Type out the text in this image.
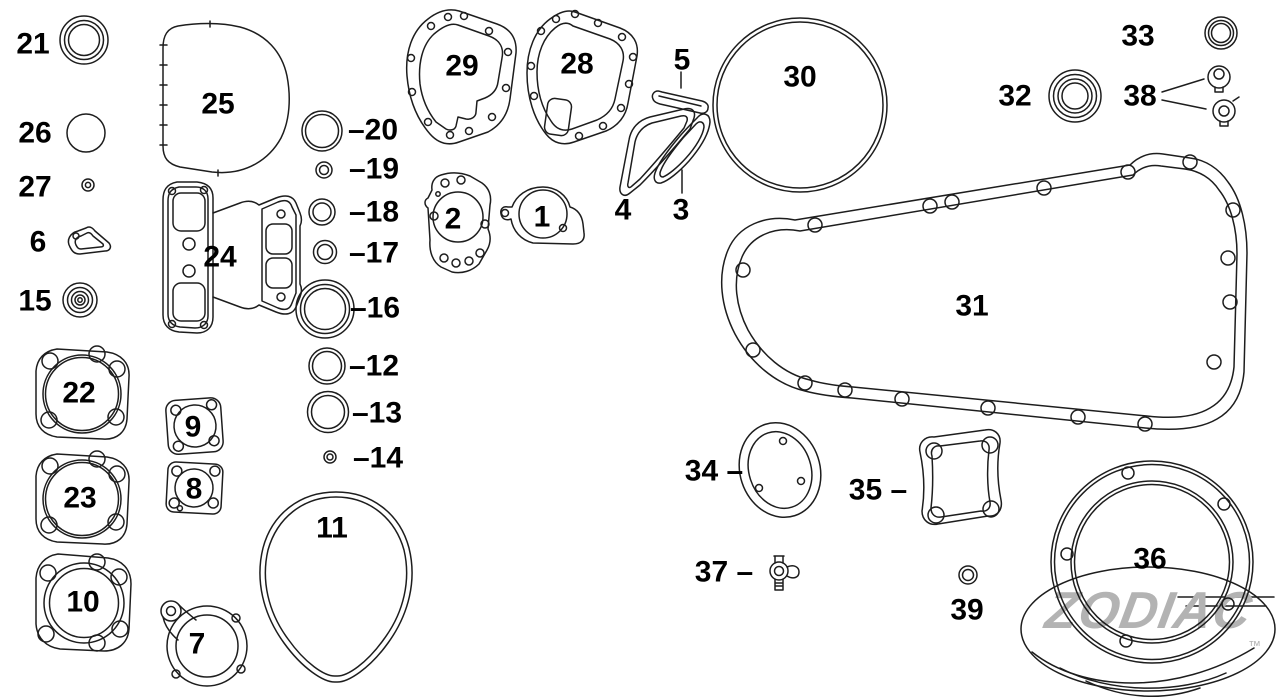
ZODIAC
™
1
2	3
4
5
6
7
8
9
10
11
–12
–13
–14
15	–16
–17
–18
–19
–20
21
22
23
24
25
26
27
28
29	30
31
32
33
34 –
35 –
36
37 –
38
39
